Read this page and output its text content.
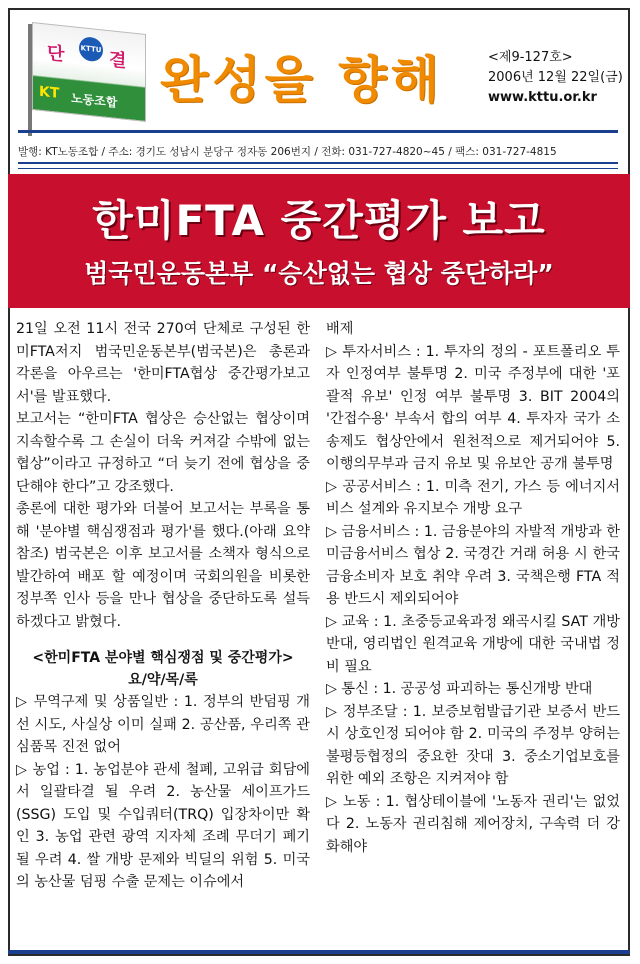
단 KTTU 결
KT 노동조합 완성을 향해	<제9-127호>
2006년 12월 22일(금)
www.kttu.or.kr
발행: KT노동조합 / 주소: 경기도 성남시 분당구 정자동 206번지 / 전화: 031-727-4820~45 / 팩스: 031-727-4815
한미FTA 중간평가 보고
범국민운동본부 “승산없는 협상 중단하라”

21일 오전 11시 전국 270여 단체로 구성된 한미FTA저지 범국민운동본부(범국본)은 총론과 각론을 아우르는 '한미FTA협상 중간평가보고서'를 발표했다.

보고서는 “한미FTA 협상은 승산없는 협상이며 지속할수록 그 손실이 더욱 커져갈 수밖에 없는 협상”이라고 규정하고 “더 늦기 전에 협상을 중단해야 한다”고 강조했다.

총론에 대한 평가와 더불어 보고서는 부록을 통해 '분야별 핵심쟁점과 평가'를 했다.(아래 요약 참조) 범국본은 이후 보고서를 소책자 형식으로 발간하여 배포 할 예정이며 국회의원을 비롯한 정부쪽 인사 등을 만나 협상을 중단하도록 설득하겠다고 밝혔다.

<한미FTA 분야별 핵심쟁점 및 중간평가>

요/약/목/록

▷ 무역구제 및 상품일반 : 1. 정부의 반덤핑 개선 시도, 사실상 이미 실패 2. 공산품, 우리쪽 관심품목 진전 없어

▷ 농업 : 1. 농업분야 관세 철폐, 고위급 회담에서 일괄타결 될 우려 2. 농산물 세이프가드(SSG) 도입 및 수입쿼터(TRQ) 입장차이만 확인 3. 농업 관련 광역 지자체 조례 무더기 폐기될 우려 4. 쌀 개방 문제와 빅딜의 위험 5. 미국의 농산물 덤핑 수출 문제는 이슈에서

배제

▷ 투자서비스 : 1. 투자의 정의 - 포트폴리오 투자 인정여부 불투명 2. 미국 주정부에 대한 '포괄적 유보' 인정 여부 불투명 3. BIT 2004의 '간접수용' 부속서 합의 여부 4. 투자자 국가 소송제도 협상안에서 원천적으로 제거되어야 5. 이행의무부과 금지 유보 및 유보안 공개 불투명

▷ 공공서비스 : 1. 미측 전기, 가스 등 에너지서비스 설계와 유지보수 개방 요구

▷ 금융서비스 : 1. 금융분야의 자발적 개방과 한미금융서비스 협상 2. 국경간 거래 허용 시 한국금융소비자 보호 취약 우려 3. 국책은행 FTA 적용 반드시 제외되어야

▷ 교육 : 1. 초중등교육과정 왜곡시킬 SAT 개방 반대, 영리법인 원격교육 개방에 대한 국내법 정비 필요

▷ 통신 : 1. 공공성 파괴하는 통신개방 반대

▷ 정부조달 : 1. 보증보험발급기관 보증서 반드시 상호인정 되어야 함 2. 미국의 주정부 양허는 불평등협정의 중요한 잣대 3. 중소기업보호를 위한 예외 조항은 지켜져야 함

▷ 노동 : 1. 협상테이블에 '노동자 권리'는 없었다 2. 노동자 권리침해 제어장치, 구속력 더 강화해야
